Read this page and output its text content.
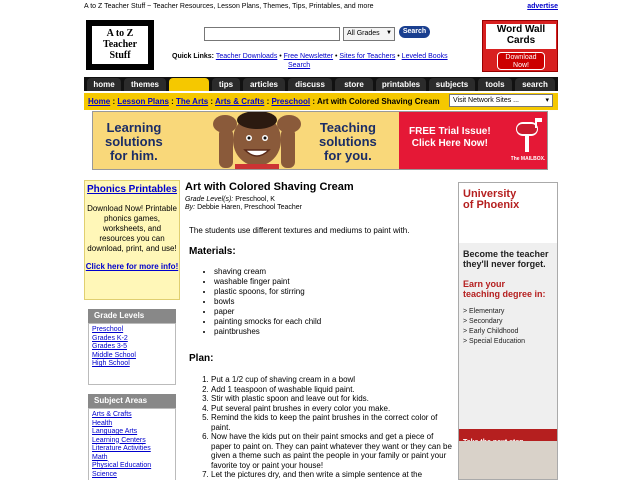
A to Z Teacher Stuff ~ Teacher Resources, Lesson Plans, Themes, Tips, Printables, and more	advertise
A to Z
Teacher
Stuff
All Grades ▼	Search
Quick Links: Teacher Downloads • Free Newsletter • Sites for Teachers • Leveled Books
Search
Word Wall
Cards
Download
Now!
home	themes	lessons	tips	articles	discuss	store	printables	subjects	tools	search
Home : Lesson Plans : The Arts : Arts & Crafts : Preschool : Art with Colored Shaving Cream	Visit Network Sites ...	▾
Learning
solutions
for him.
Teaching
solutions
for you.
FREE Trial Issue!
Click Here Now!
The MAILBOX.
Phonics Printables
Download Now! Printable phonics games, worksheets, and resources you can download, print, and use!
Click here for more info!
Grade Levels
Preschool
Grades K-2
Grades 3-5
Middle School
High School
Subject Areas
Arts & Crafts
Health
Language Arts
Learning Centers
Literature Activities
Math
Physical Education
Science
Art with Colored Shaving Cream
Grade Level(s): Preschool, K
By: Debbie Haren, Preschool Teacher
The students use different textures and mediums to paint with.
Materials:
• shaving cream
• washable finger paint
• plastic spoons, for stirring
• bowls
• paper
• painting smocks for each child
• paintbrushes
Plan:
1. Put a 1/2 cup of shaving cream in a bowl
2. Add 1 teaspoon of washable liquid paint.
3. Stir with plastic spoon and leave out for kids.
4. Put several paint brushes in every color you make.
5. Remind the kids to keep the paint brushes in the correct color of paint.
6. Now have the kids put on their paint smocks and get a piece of paper to paint on. They can paint whatever they want or they can be given a theme such as paint the people in your family or paint your favorite toy or paint your house!
7. Let the pictures dry, and then write a simple sentence at the
University
of Phoenix
Become the teacher
they'll never forget.
Earn your
teaching degree in:
> Elementary
> Secondary
> Early Childhood
> Special Education
